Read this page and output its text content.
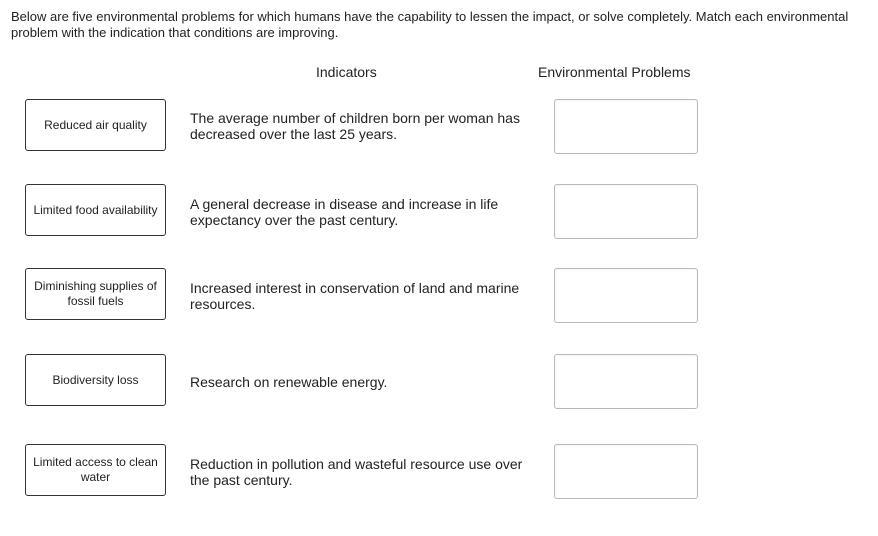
Below are five environmental problems for which humans have the capability to lessen the impact, or solve completely. Match each environmental problem with the indication that conditions are improving.
Indicators	Environmental Problems
Reduced air quality
Limited food availability
Diminishing supplies of fossil fuels
Biodiversity loss
Limited access to clean water
The average number of children born per woman has decreased over the last 25 years.
A general decrease in disease and increase in life expectancy over the past century.
Increased interest in conservation of land and marine resources.
Research on renewable energy.
Reduction in pollution and wasteful resource use over the past century.
